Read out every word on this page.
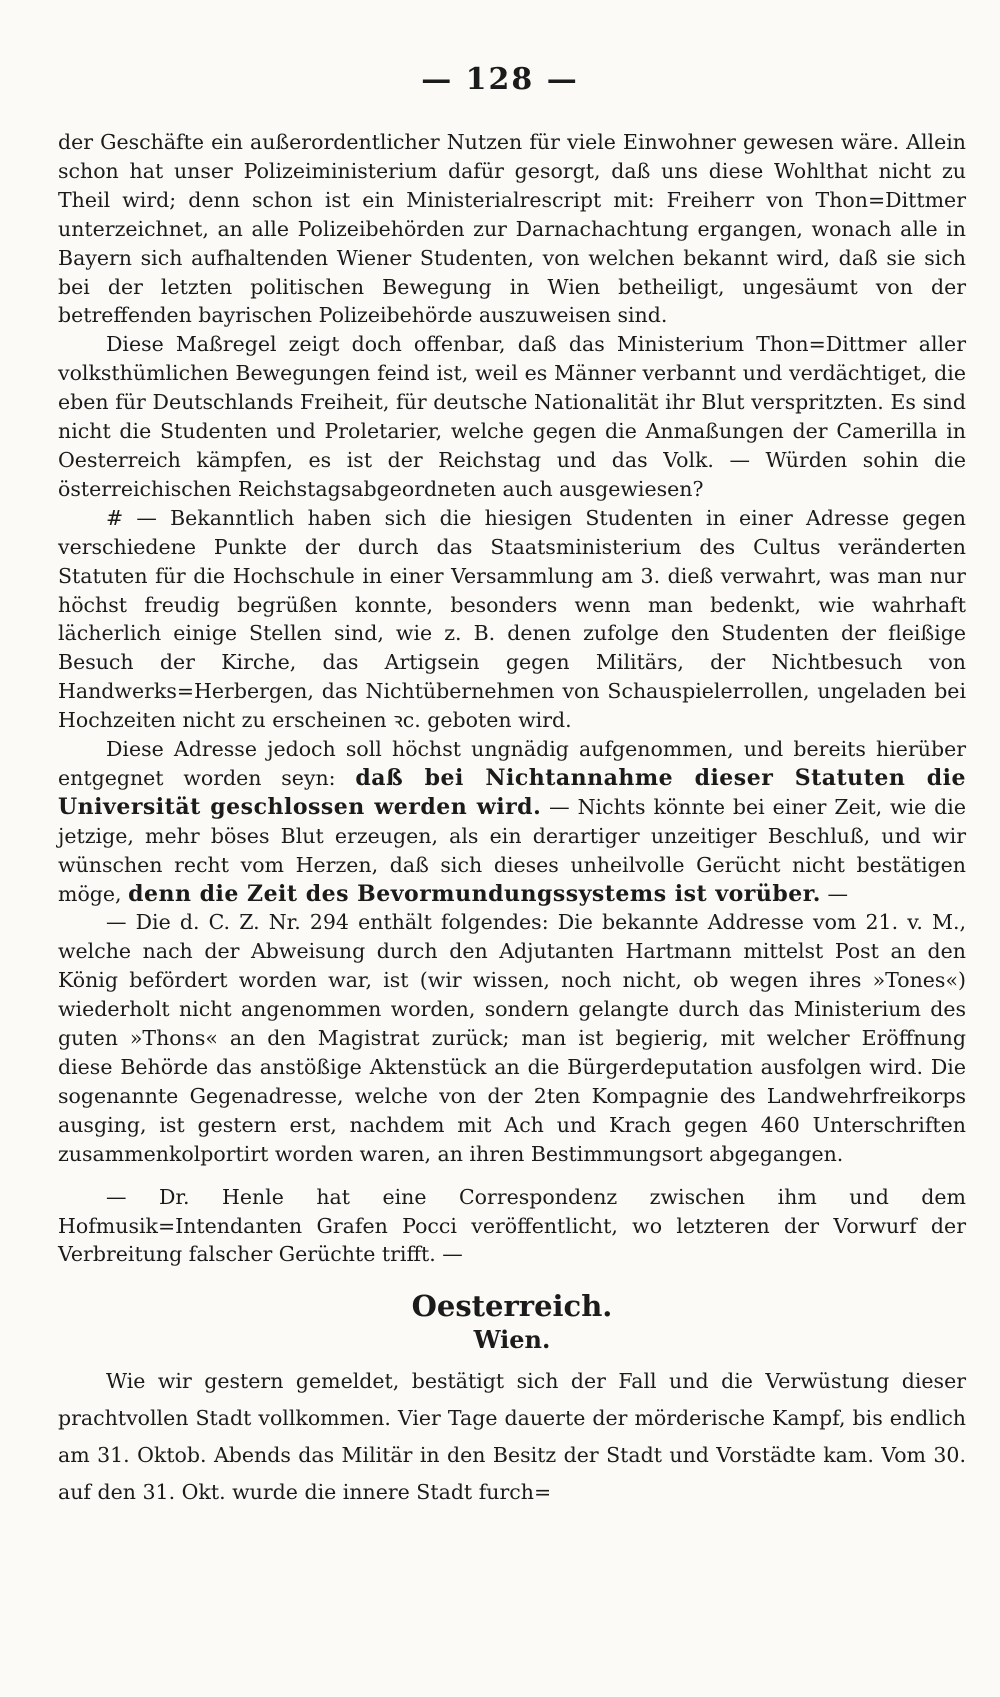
— 128 —

der Geschäfte ein außerordentlicher Nutzen für viele Einwohner gewesen wäre. Allein schon hat unser Polizeiministerium dafür gesorgt, daß uns diese Wohlthat nicht zu Theil wird; denn schon ist ein Ministerialrescript mit: Freiherr von Thon=Dittmer unterzeichnet, an alle Polizeibehörden zur Darnachachtung ergangen, wonach alle in Bayern sich aufhaltenden Wiener Studenten, von welchen bekannt wird, daß sie sich bei der letzten politischen Bewegung in Wien betheiligt, ungesäumt von der betreffenden bayrischen Polizeibehörde auszuweisen sind.

Diese Maßregel zeigt doch offenbar, daß das Ministerium Thon=Dittmer aller volksthümlichen Bewegungen feind ist, weil es Männer verbannt und verdächtiget, die eben für Deutschlands Freiheit, für deutsche Nationalität ihr Blut verspritzten. Es sind nicht die Studenten und Proletarier, welche gegen die Anmaßungen der Camerilla in Oesterreich kämpfen, es ist der Reichstag und das Volk. — Würden sohin die österreichischen Reichstagsabgeordneten auch ausgewiesen?

# — Bekanntlich haben sich die hiesigen Studenten in einer Adresse gegen verschiedene Punkte der durch das Staatsministerium des Cultus veränderten Statuten für die Hochschule in einer Versammlung am 3. dieß verwahrt, was man nur höchst freudig begrüßen konnte, besonders wenn man bedenkt, wie wahrhaft lächerlich einige Stellen sind, wie z. B. denen zufolge den Studenten der fleißige Besuch der Kirche, das Artigsein gegen Militärs, der Nichtbesuch von Handwerks=Herbergen, das Nichtübernehmen von Schauspielerrollen, ungeladen bei Hochzeiten nicht zu erscheinen ꝛc. geboten wird.

Diese Adresse jedoch soll höchst ungnädig aufgenommen, und bereits hierüber entgegnet worden seyn: daß bei Nichtannahme dieser Statuten die Universität geschlossen werden wird. — Nichts könnte bei einer Zeit, wie die jetzige, mehr böses Blut erzeugen, als ein derartiger unzeitiger Beschluß, und wir wünschen recht vom Herzen, daß sich dieses unheilvolle Gerücht nicht bestätigen möge, denn die Zeit des Bevormundungssystems ist vorüber. —

— Die d. C. Z. Nr. 294 enthält folgendes: Die bekannte Addresse vom 21. v. M., welche nach der Abweisung durch den Adjutanten Hartmann mittelst Post an den König befördert worden war, ist (wir wissen, noch nicht, ob wegen ihres »Tones«) wiederholt nicht angenommen worden, sondern gelangte durch das Ministerium des guten »Thons« an den Magistrat zurück; man ist begierig, mit welcher Eröffnung diese Behörde das anstößige Aktenstück an die Bürgerdeputation ausfolgen wird. Die sogenannte Gegenadresse, welche von der 2ten Kompagnie des Landwehrfreikorps ausging, ist gestern erst, nachdem mit Ach und Krach gegen 460 Unterschriften zusammenkolportirt worden waren, an ihren Bestimmungsort abgegangen.

— Dr. Henle hat eine Correspondenz zwischen ihm und dem Hofmusik=Intendanten Grafen Pocci veröffentlicht, wo letzteren der Vorwurf der Verbreitung falscher Gerüchte trifft. —

Oesterreich.
Wien.

Wie wir gestern gemeldet, bestätigt sich der Fall und die Verwüstung dieser prachtvollen Stadt vollkommen. Vier Tage dauerte der mörderische Kampf, bis endlich am 31. Oktob. Abends das Militär in den Besitz der Stadt und Vorstädte kam. Vom 30. auf den 31. Okt. wurde die innere Stadt furch=
